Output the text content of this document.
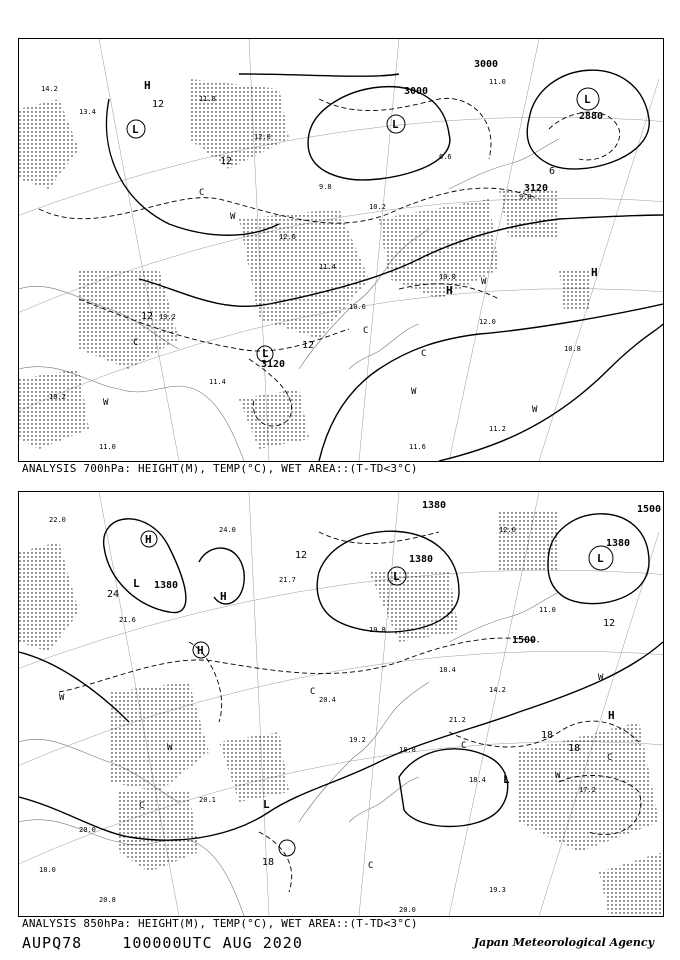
14.2
13.4
11.8
12.0
9.8
10.2
6.6
11.0
9.8
12.6
11.4
10.6
10.0
12.0
10.8
13.2
11.4
10.2
11.0
11.2
11.6
3000
3000
2880
3120
3120
12
12
12
12
6
H
L	L
L
H
L
H
W
W
W
W
W
C
C
C
C
ANALYSIS 700hPa: HEIGHT(M), TEMP(°C), WET AREA::(T-TD<3°C)
22.0
21.6
24.0
21.7
19.8
18.4
12.6
11.0
14.2
20.4
19.2
18.8
21.2
18.4
17.2
20.1
20.0
18.0
20.8
19.3
20.0
1380
1380
1380
1380
1500
1500
24
12
12
18
18
18
H
L
H
H
L
L
L
L
H
W
W
W
W
C
C
C
C
C
ANALYSIS 850hPa: HEIGHT(M), TEMP(°C), WET AREA::(T-TD<3°C)
AUPQ78	100000UTC AUG 2020	Japan Meteorological Agency
